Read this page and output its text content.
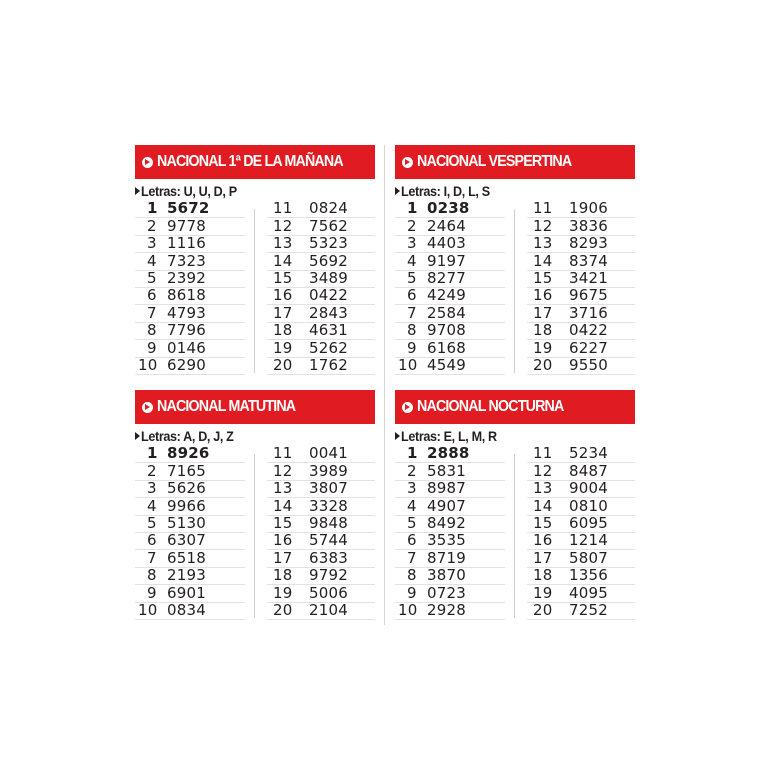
NACIONAL 1ª DE LA MAÑANA
Letras: U, U, D, P
1 5672
2 9778
3 1116
4 7323
5 2392
6 8618
7 4793
8 7796
9 0146
10 6290
11	0824
12	7562
13	5323
14	5692
15	3489
16	0422
17	2843
18	4631
19	5262
20	1762
NACIONAL VESPERTINA
Letras: I, D, L, S
1 0238
2 2464
3 4403
4 9197
5 8277
6 4249
7 2584
8 9708
9 6168
10 4549
11	1906
12	3836
13	8293
14	8374
15	3421
16	9675
17	3716
18	0422
19	6227
20	9550
NACIONAL MATUTINA
Letras: A, D, J, Z
1 8926
2 7165
3 5626
4 9966
5 5130
6 6307
7 6518
8 2193
9 6901
10 0834
11	0041
12	3989
13	3807
14	3328
15	9848
16	5744
17	6383
18	9792
19	5006
20	2104
NACIONAL NOCTURNA
Letras: E, L, M, R
1 2888
2 5831
3 8987
4 4907
5 8492
6 3535
7 8719
8 3870
9 0723
10 2928
11	5234
12	8487
13	9004
14	0810
15	6095
16	1214
17	5807
18	1356
19	4095
20	7252
